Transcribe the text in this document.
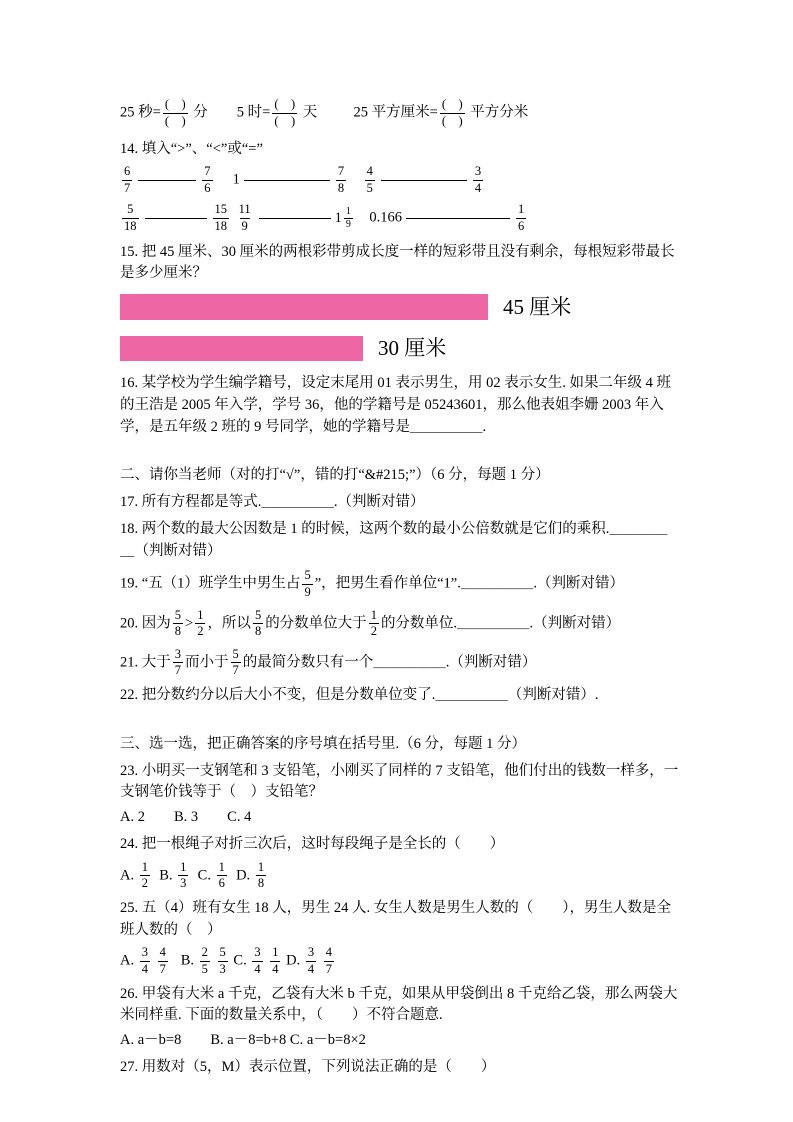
25 秒= $\frac{( )}{( )}$ 分        5 时= $\frac{( )}{( )}$ 天          25 平方厘米= $\frac{( )}{( )}$ 平方分米
14. 填入“>”、“<”或“=”
$\frac{6}{7}$	$\frac{7}{6}$
　 1	$\frac{7}{8}$
　 $\frac{4}{5}$	$\frac{3}{4}$
$\frac{5}{18}$	$\frac{15}{18}$
$\frac{11}{9}$	$1 \frac{1}{9}$
　 0.166	$\frac{1}{6}$

15. 把 45 厘米、30 厘米的两根彩带剪成长度一样的短彩带且没有剩余，每根短彩带最长是多少厘米？

45 厘米
30 厘米

16. 某学校为学生编学籍号，设定末尾用 01 表示男生，用 02 表示女生. 如果二年级 4 班的王浩是 2005 年入学，学号 36，他的学籍号是 05243601，那么他表姐李姗 2003 年入学，是五年级 2 班的 9 号同学，她的学籍号是＿＿＿＿＿.

二、请你当老师（对的打“√”，错的打“&#215;”）（6 分，每题 1 分）

17. 所有方程都是等式.＿＿＿＿＿.（判断对错）

18. 两个数的最大公因数是 1 的时候，这两个数的最小公倍数就是它们的乘积.＿＿＿＿＿（判断对错）

19. “五（1）班学生中男生占 $\frac{5}{9}$ ”，把男生看作单位“1”.＿＿＿＿＿.（判断对错）
20. 因为 $\frac{5}{8} > \frac{1}{2}$ ，所以 $\frac{5}{8}$ 的分数单位大于 $\frac{1}{2}$ 的分数单位.＿＿＿＿＿.（判断对错）
21. 大于 $\frac{3}{7}$ 而小于 $\frac{5}{7}$ 的最简分数只有一个＿＿＿＿＿.（判断对错）

22. 把分数约分以后大小不变，但是分数单位变了.＿＿＿＿＿（判断对错）.

三、选一选，把正确答案的序号填在括号里.（6 分，每题 1 分）

23. 小明买一支钢笔和 3 支铅笔，小刚买了同样的 7 支铅笔，他们付出的钱数一样多，一支钢笔价钱等于（　）支铅笔？

A. 2　　B. 3　　C. 4

24. 把一根绳子对折三次后，这时每段绳子是全长的（　　）

A. $\frac{1}{2} B$. $\frac{1}{3} C$. $\frac{1}{6} D$. $\frac{1}{8}$

25. 五（4）班有女生 18 人，男生 24 人. 女生人数是男生人数的（　　），男生人数是全班人数的（　）

A. $\frac{3}{4}$
$\frac{4}{7} B$. $\frac{2}{5}$
$\frac{5}{3} C$. $\frac{3}{4}$
$\frac{1}{4} D$. $\frac{3}{4}$
$\frac{4}{7}$

26. 甲袋有大米 a 千克，乙袋有大米 b 千克，如果从甲袋倒出 8 千克给乙袋，那么两袋大米同样重. 下面的数量关系中，（　　）不符合题意.

A. a－b=8　　B. a－8=b+8 C. a－b=8×2

27. 用数对（5，M）表示位置，下列说法正确的是（　　）
